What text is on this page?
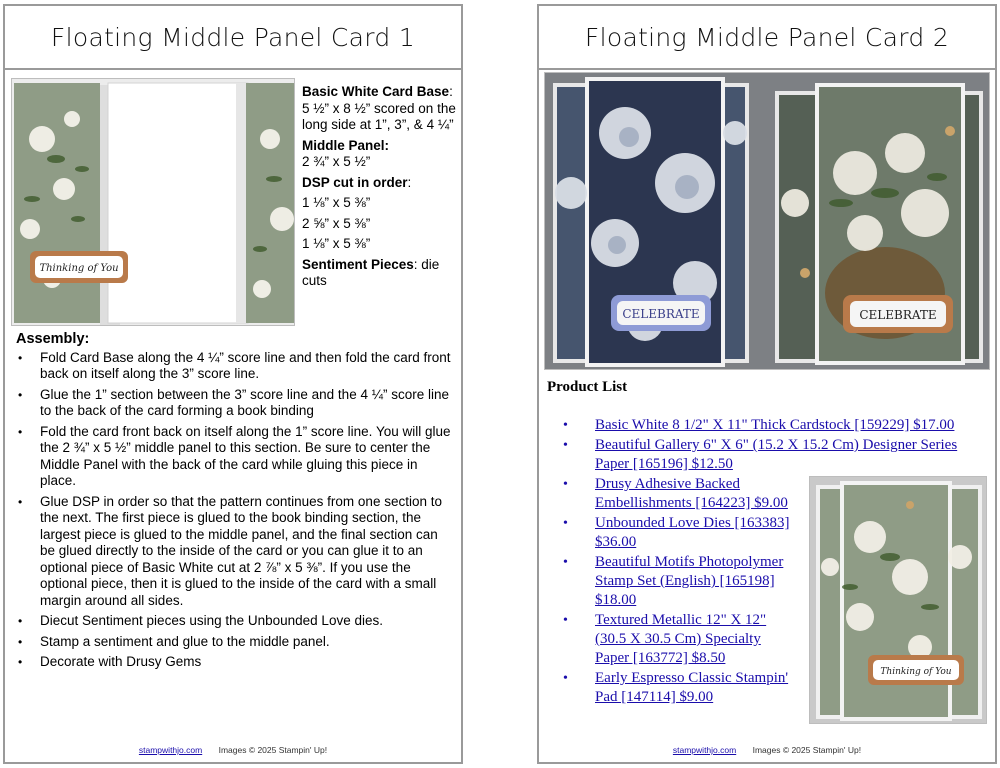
Floating Middle Panel Card 1
Thinking of You

Basic White Card Base: 5 ½” x 8 ½” scored on the long side at 1”, 3”, & 4 ¼”

Middle Panel:
2 ¾” x 5 ½”

DSP cut in order:

1 ⅛” x 5 ⅜”

2 ⅝” x 5 ⅜”

1 ⅛” x 5 ⅜”

Sentiment Pieces: die cuts

Assembly:
• Fold Card Base along the 4 ¼” score line and then fold the card front back on itself along the 3” score line.
• Glue the 1” section between the 3” score line and the 4 ¼” score line to the back of the card forming a book binding
• Fold the card front back on itself along the 1” score line. You will glue the 2 ¾” x 5 ½” middle panel to this section. Be sure to center the Middle Panel with the back of the card while gluing this piece in place.
• Glue DSP in order so that the pattern continues from one section to the next. The first piece is glued to the book binding section, the largest piece is glued to the middle panel, and the final section can be glued directly to the inside of the card or you can glue it to an optional piece of Basic White cut at 2 ⅞” x 5 ⅜”. If you use the optional piece, then it is glued to the inside of the card with a small margin around all sides.
• Diecut Sentiment pieces using the Unbounded Love dies.
• Stamp a sentiment and glue to the middle panel.
• Decorate with Drusy Gems
stampwithjo.com Images © 2025 Stampin' Up!
Floating Middle Panel Card 2
CELEBRATE	CELEBRATE
Product List
• Basic White 8 1/2" X 11" Thick Cardstock [159229] $17.00
• Beautiful Gallery 6" X 6" (15.2 X 15.2 Cm) Designer Series Paper [165196] $12.50
• Drusy Adhesive Backed Embellishments [164223] $9.00
• Unbounded Love Dies [163383] $36.00
• Beautiful Motifs Photopolymer Stamp Set (English) [165198] $18.00
• Textured Metallic 12" X 12" (30.5 X 30.5 Cm) Specialty Paper [163772] $8.50
• Early Espresso Classic Stampin' Pad [147114] $9.00
Thinking of You
stampwithjo.com Images © 2025 Stampin' Up!
